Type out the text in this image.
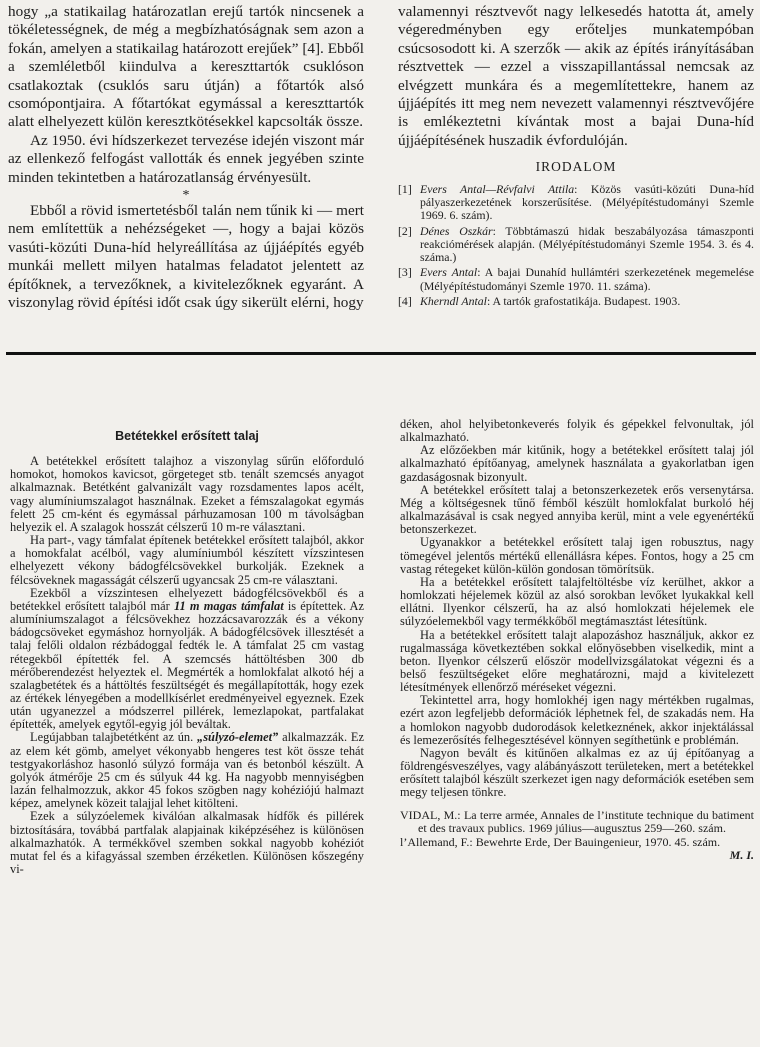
hogy „a statikailag határozatlan erejű tartók nincsenek a tökéletességnek, de még a megbízhatóságnak sem azon a fokán, amelyen a statikailag határozott erejűek” [4]. Ebből a szemléletből kiindulva a kereszttartók csuklóson csatlakoztak (csuklós saru útján) a főtartók alsó csomópontjaira. A főtartókat egymással a kereszttartók alatt elhelyezett külön keresztkötésekkel kapcsolták össze.

Az 1950. évi hídszerkezet tervezése idején viszont már az ellenkező felfogást vallották és ennek jegyében szinte minden tekintetben a határozatlanság érvényesült.

*

Ebből a rövid ismertetésből talán nem tűnik ki — mert nem említettük a nehézségeket —, hogy a bajai közös vasúti-közúti Duna-híd helyreállítása az újjáépítés egyéb munkái mellett milyen hatalmas feladatot jelentett az építőknek, a tervezőknek, a kivitelezőknek egyaránt. A viszonylag rövid építési időt csak úgy sikerült elérni, hogy

valamennyi résztvevőt nagy lelkesedés hatotta át, amely végeredményben egy erőteljes munkatempóban csúcsosodott ki. A szerzők — akik az építés irányításában résztvettek — ezzel a visszapillantással nemcsak az elvégzett munkára és a megemlítettekre, hanem az újjáépítés itt meg nem nevezett valamennyi résztvevőjére is emlékeztetni kívántak most a bajai Duna-híd újjáépítésének huszadik évfordulóján.

IRODALOM
[1] Evers Antal—Révfalvi Attila: Közös vasúti-közúti Duna-híd pályaszerkezetének korszerűsítése. (Mélyépítéstudományi Szemle 1969. 6. szám).
[2] Dénes Oszkár: Többtámaszú hidak beszabályozása támaszponti reakciómérések alapján. (Mélyépítéstudományi Szemle 1954. 3. és 4. száma.)
[3] Evers Antal: A bajai Dunahíd hullámtéri szerkezetének megemelése (Mélyépítéstudományi Szemle 1970. 11. száma).
[4] Kherndl Antal: A tartók grafostatikája. Budapest. 1903.
Betétekkel erősített talaj

A betétekkel erősített talajhoz a viszonylag sűrűn előforduló homokot, homokos kavicsot, görgeteget stb. tenált szemcsés anyagot alkalmaznak. Betétként galvanizált vagy rozsdamentes lapos acélt, vagy alumíniumszalagot használnak. Ezeket a fémszalagokat egymás felett 25 cm-ként és egymással párhuzamosan 100 m távolságban helyezik el. A szalagok hosszát célszerű 10 m-re választani.

Ha part-, vagy támfalat építenek betétekkel erősített talajból, akkor a homokfalat acélból, vagy alumíniumból készített vízszintesen elhelyezett vékony bádogfélcsövekkel burkolják. Ezeknek a félcsöveknek magasságát célszerű ugyancsak 25 cm-re választani.

Ezekből a vízszintesen elhelyezett bádogfélcsövekből és a betétekkel erősített talajból már 11 m magas támfalat is építettek. Az alumíniumszalagot a félcsövekhez hozzácsavarozzák és a vékony bádogcsöveket egymáshoz hornyolják. A bádogfélcsövek illesztését a talaj felőli oldalon rézbádoggal fedték le. A támfalat 25 cm vastag rétegekből építették fel. A szemcsés háttöltésben 300 db mérőberendezést helyeztek el. Megmérték a homlokfalat alkotó héj a szalagbetétek és a háttöltés feszültségét és megállapították, hogy ezek az értékek lényegében a modellkísérlet eredményeivel egyeznek. Ezek után ugyanezzel a módszerrel pillérek, lemezlapokat, partfalakat építették, amelyek egytől-egyig jól beváltak.

Legújabban talajbetétként az ún. „súlyzó-elemet” alkalmazzák. Ez az elem két gömb, amelyet vékonyabb hengeres test köt össze tehát testgyakorláshoz hasonló súlyzó formája van és betonból készült. A golyók átmérője 25 cm és súlyuk 44 kg. Ha nagyobb mennyiségben lazán felhalmozzuk, akkor 45 fokos szögben nagy kohéziójú halmazt képez, amelynek közeit talajjal lehet kitölteni.

Ezek a súlyzóelemek kiválóan alkalmasak hídfők és pillérek biztosítására, továbbá partfalak alapjainak kiképzéséhez is különösen alkalmazhatók. A termékkővel szemben sokkal nagyobb kohéziót mutat fel és a kifagyással szemben érzéketlen. Különösen kőszegény vi-

déken, ahol helyibetonkeverés folyik és gépekkel felvonultak, jól alkalmazható.

Az előzőekben már kitűnik, hogy a betétekkel erősített talaj jól alkalmazható építőanyag, amelynek használata a gyakorlatban igen gazdaságosnak bizonyult.

A betétekkel erősített talaj a betonszerkezetek erős versenytársa. Még a költségesnek tűnő fémből készült homlokfalat burkoló héj alkalmazásával is csak negyed annyiba kerül, mint a vele egyenértékű betonszerkezet.

Ugyanakkor a betétekkel erősített talaj igen robusztus, nagy tömegével jelentős mértékű ellenállásra képes. Fontos, hogy a 25 cm vastag rétegeket külön-külön gondosan tömörítsük.

Ha a betétekkel erősített talajfeltöltésbe víz kerülhet, akkor a homlokzati héjelemek közül az alsó sorokban levőket lyukakkal kell ellátni. Ilyenkor célszerű, ha az alsó homlokzati héjelemek ele súlyzóelemekből vagy termékkőből megtámasztást létesítünk.

Ha a betétekkel erősített talajt alapozáshoz használjuk, akkor ez rugalmassága következtében sokkal előnyösebben viselkedik, mint a beton. Ilyenkor célszerű először modellvizsgálatokat végezni és a belső feszültségeket előre meghatározni, majd a kivitelezett létesítmények ellenőrző méréseket végezni.

Tekintettel arra, hogy homlokhéj igen nagy mértékben rugalmas, ezért azon legfeljebb deformációk léphetnek fel, de szakadás nem. Ha a homlokon nagyobb dudorodások keletkeznének, akkor injektálással és lemezerősítés felhegesztésével könnyen segíthetünk e problémán.

Nagyon bevált és kitűnően alkalmas ez az új építőanyag a földrengésveszélyes, vagy alábányászott területeken, mert a betétekkel erősített talajból készült szerkezet igen nagy deformációk esetében sem megy teljesen tönkre.

VIDAL, M.: La terre armée, Annales de l’institute technique du batiment et des travaux publics. 1969 július—augusztus 259—260. szám.

l’Allemand, F.: Bewehrte Erde, Der Bauingenieur, 1970. 45. szám.

M. I.
